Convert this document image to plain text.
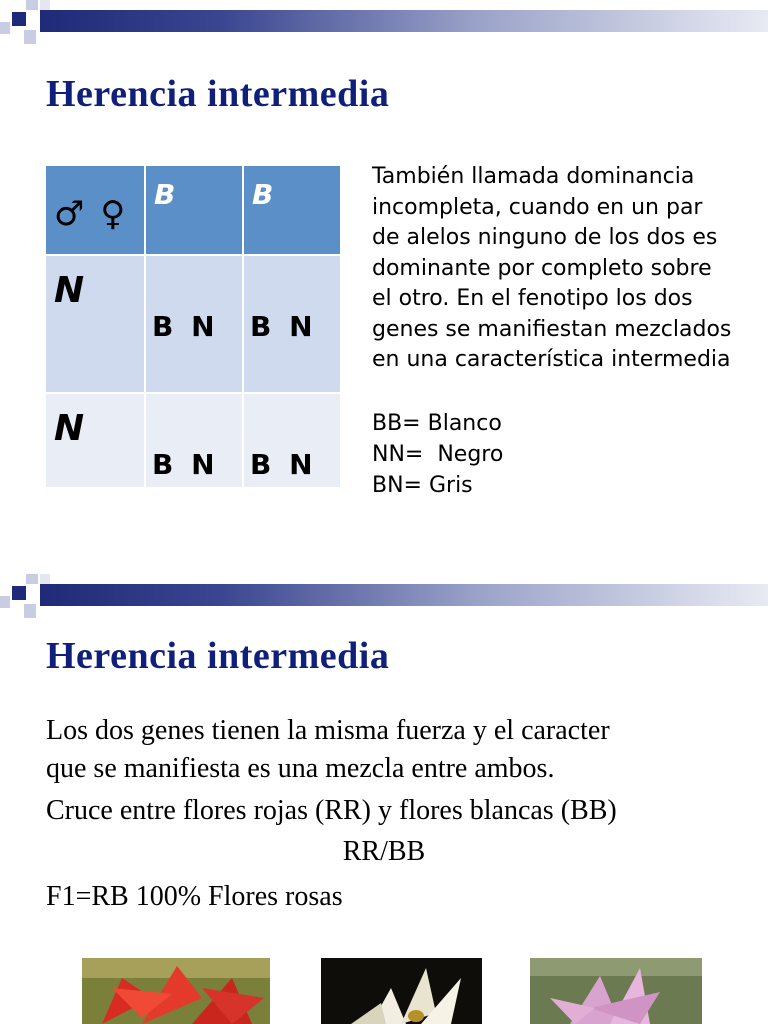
Herencia intermedia
♂ ♀	B	B

N	B N	B N

N	B N	B N
También llamada dominancia
incompleta, cuando en un par
de alelos ninguno de los dos es
dominante por completo sobre
el otro. En el fenotipo los dos
genes se manifiestan mezclados
en una característica intermedia
BB= Blanco
NN=  Negro
BN= Gris
Herencia intermedia
Los dos genes tienen la misma fuerza y el caracter
que se manifiesta es una mezcla entre ambos.
Cruce entre flores rojas (RR) y flores blancas (BB)
RR/BB
F1=RB 100% Flores rosas
